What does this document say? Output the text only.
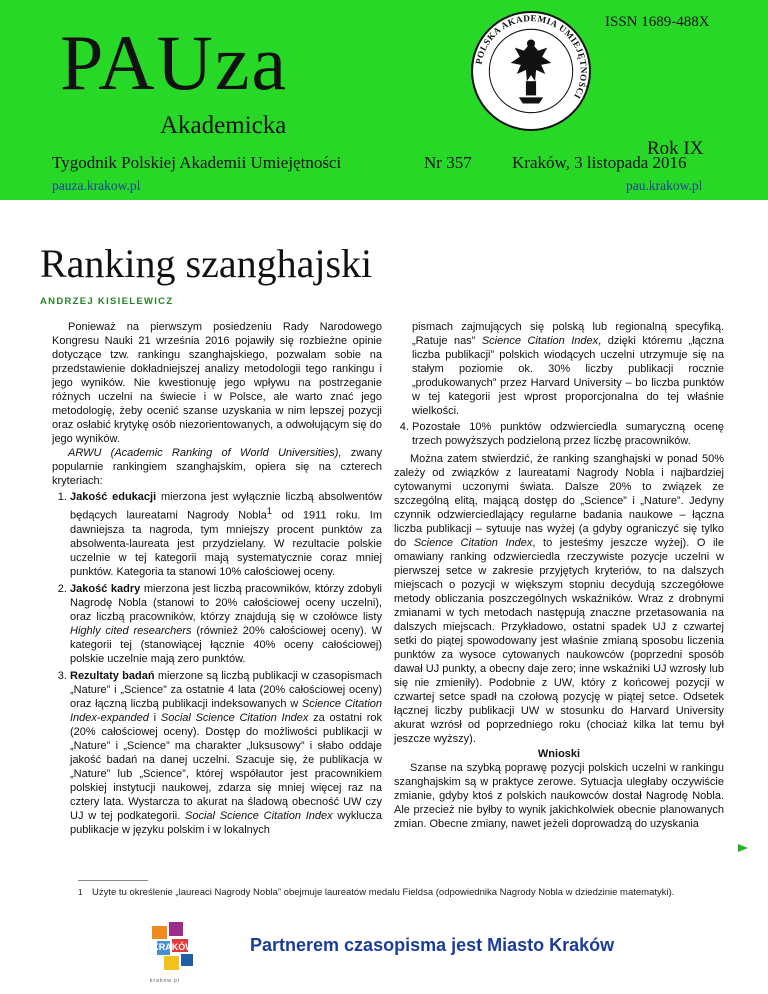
PAUza	ISSN 1689-488X
Akademicka
POLSKA AKADEMIA UMIEJĘTNOŚCI
Rok IX
Tygodnik Polskiej Akademii Umiejętności	Nr 357 Kraków, 3 listopada 2016
pauza.krakow.pl	pau.krakow.pl
Ranking szanghajski
ANDRZEJ KISIELEWICZ

Ponieważ na pierwszym posiedzeniu Rady Narodowego Kongresu Nauki 21 września 2016 pojawiły się rozbieżne opinie dotyczące tzw. rankingu szanghajskiego, pozwalam sobie na przedstawienie dokładniejszej analizy metodologii tego rankingu i jego wyników. Nie kwestionuję jego wpływu na postrzeganie różnych uczelni na świecie i w Polsce, ale warto znać jego metodologię, żeby ocenić szanse uzyskania w nim lepszej pozycji oraz osłabić krytykę osób niezorientowanych, a odwołującym się do jego wyników.

ARWU (Academic Ranking of World Universities), zwany popularnie rankingiem szanghajskim, opiera się na czterech kryteriach:

1. Jakość edukacji mierzona jest wyłącznie liczbą absolwentów będących laureatami Nagrody Nobla$^1$ od 1911 roku. Im dawniejsza ta nagroda, tym mniejszy procent punktów za absolwenta-laureata jest przydzielany. W rezultacie polskie uczelnie w tej kategorii mają systematycznie coraz mniej punktów. Kategoria ta stanowi 10% całościowej oceny.
2. Jakość kadry mierzona jest liczbą pracowników, którzy zdobyli Nagrodę Nobla (stanowi to 20% całościowej oceny uczelni), oraz liczbą pracowników, którzy znajdują się w czołówce listy Highly cited researchers (również 20% całościowej oceny). W kategorii tej (stanowiącej łącznie 40% oceny całościowej) polskie uczelnie mają zero punktów.
3. Rezultaty badań mierzone są liczbą publikacji w czasopismach „Nature” i „Science” za ostatnie 4 lata (20% całościowej oceny) oraz łączną liczbą publikacji indeksowanych w Science Citation Index-expanded i Social Science Citation Index za ostatni rok (20% całościowej oceny). Dostęp do możliwości publikacji w „Nature” i „Science” ma charakter „luksusowy” i słabo oddaje jakość badań na danej uczelni. Szacuje się, że publikacja w „Nature” lub „Science”, której współautor jest pracownikiem polskiej instytucji naukowej, zdarza się mniej więcej raz na cztery lata. Wystarcza to akurat na śladową obecność UW czy UJ w tej podkategorii. Social Science Citation Index wyklucza publikacje w języku polskim i w lokalnych

pismach zajmujących się polską lub regionalną specyfiką. „Ratuje nas” Science Citation Index, dzięki któremu „łączna liczba publikacji” polskich wiodących uczelni utrzymuje się na stałym poziomie ok. 30% liczby publikacji rocznie „produkowanych” przez Harvard University – bo liczba punktów w tej kategorii jest wprost proporcjonalna do tej właśnie wielkości.

4. Pozostałe 10% punktów odzwierciedla sumaryczną ocenę trzech powyższych podzieloną przez liczbę pracowników.

Można zatem stwierdzić, że ranking szanghajski w ponad 50% zależy od związków z laureatami Nagrody Nobla i najbardziej cytowanymi uczonymi świata. Dalsze 20% to związek ze szczególną elitą, mającą dostęp do „Science” i „Nature”. Jedyny czynnik odzwierciedlający regularne badania naukowe – łączna liczba publikacji – sytuuje nas wyżej (a gdyby ograniczyć się tylko do Science Citation Index, to jesteśmy jeszcze wyżej). O ile omawiany ranking odzwierciedla rzeczywiste pozycje uczelni w pierwszej setce w zakresie przyjętych kryteriów, to na dalszych miejscach o pozycji w większym stopniu decydują szczegółowe metody obliczania poszczególnych wskaźników. Wraz z drobnymi zmianami w tych metodach następują znaczne przetasowania na dalszych miejscach. Przykładowo, ostatni spadek UJ z czwartej setki do piątej spowodowany jest właśnie zmianą sposobu liczenia punktów za wysoce cytowanych naukowców (poprzedni sposób dawał UJ punkty, a obecny daje zero; inne wskaźniki UJ wzrosły lub się nie zmieniły). Podobnie z UW, który z końcowej pozycji w czwartej setce spadł na czołową pozycję w piątej setce. Odsetek łącznej liczby publikacji UW w stosunku do Harvard University akurat wzrósł od poprzedniego roku (chociaż kilka lat temu był jeszcze wyższy).

Wnioski

Szanse na szybką poprawę pozycji polskich uczelni w rankingu szanghajskim są w praktyce zerowe. Sytuacja uległaby oczywiście zmianie, gdyby ktoś z polskich naukowców dostał Nagrodę Nobla. Ale przecież nie byłby to wynik jakichkolwiek obecnie planowanych zmian. Obecne zmiany, nawet jeżeli doprowadzą do uzyskania

1 Użyte tu określenie „laureaci Nagrody Nobla” obejmuje laureatów medalu Fieldsa (odpowiednika Nagrody Nobla w dziedzinie matematyki).
KRAKÓW
krakow.pl
Partnerem czasopisma jest Miasto Kraków
